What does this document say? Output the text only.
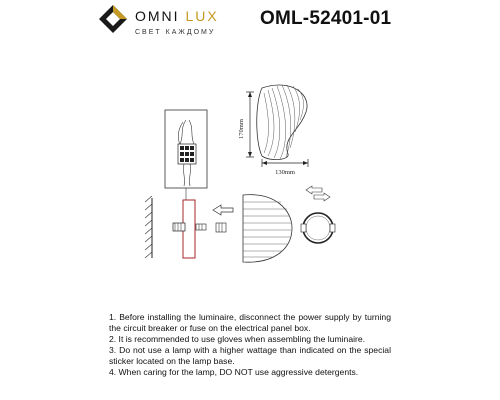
OMNI LUX
СВЕТ КАЖДОМУ
OML-52401-01
170mm
130mm

1. Before installing the luminaire, disconnect the power supply by turning the circuit breaker or fuse on the electrical panel box.

2. It is recommended to use gloves when assembling the luminaire.

3. Do not use a lamp with a higher wattage than indicated on the special sticker located on the lamp base.

4. When caring for the lamp, DO NOT use aggressive detergents.
